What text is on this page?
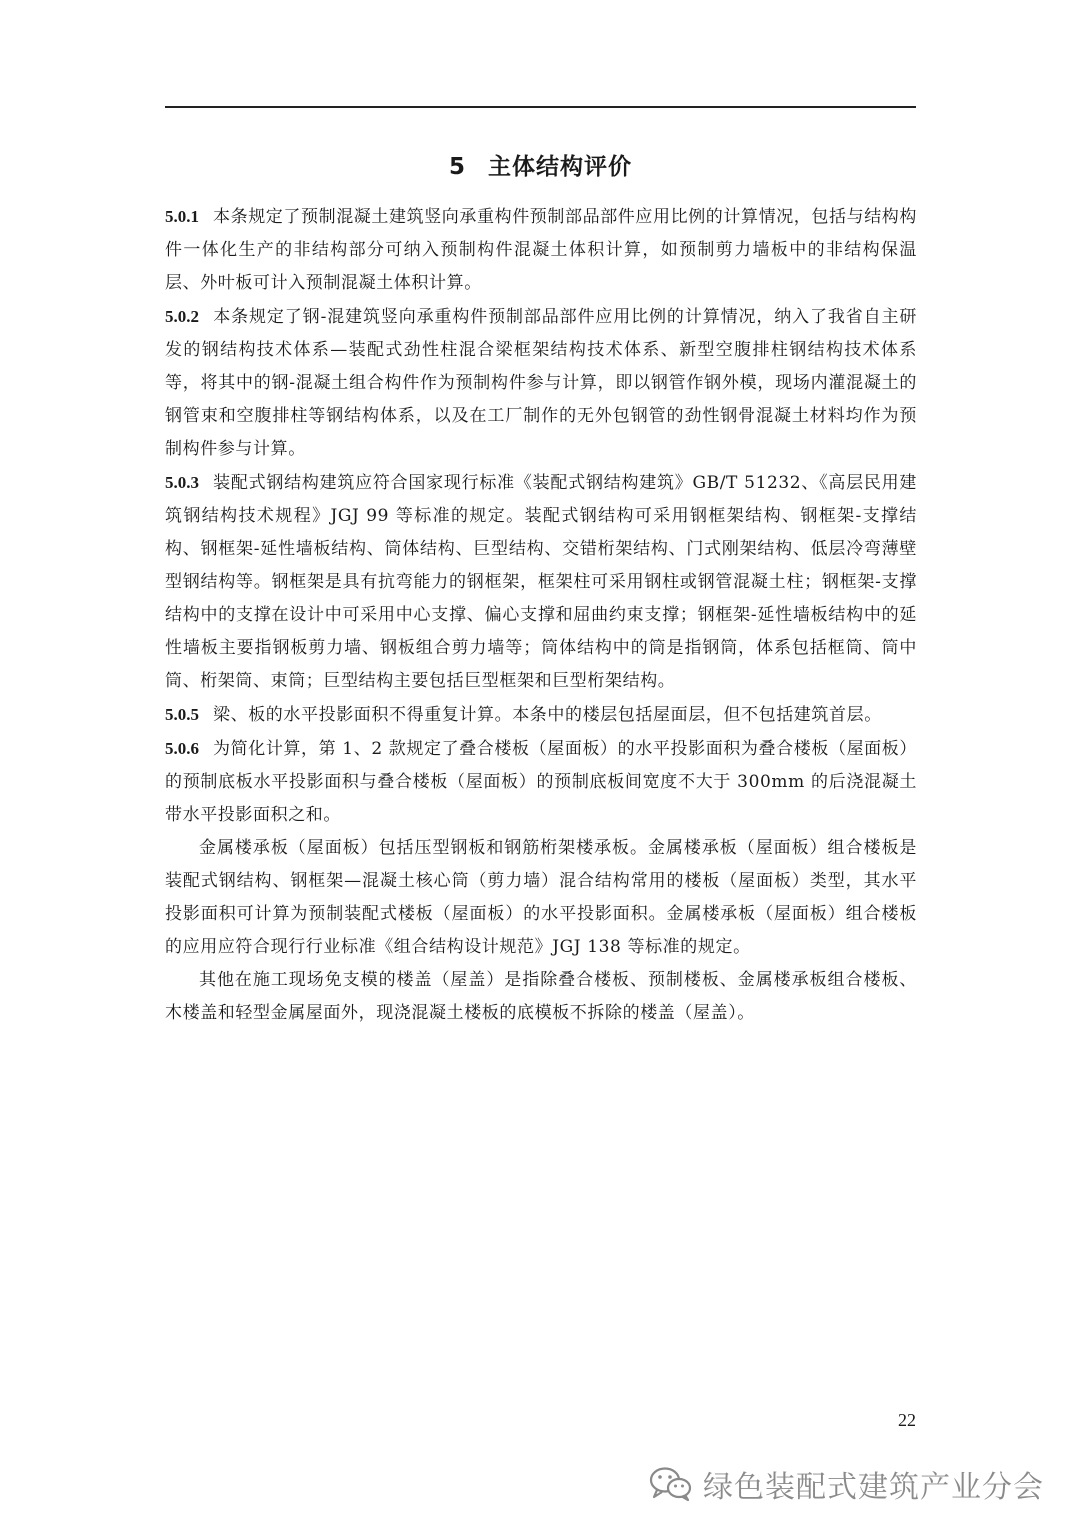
5 主体结构评价

5.0.1 本条规定了预制混凝土建筑竖向承重构件预制部品部件应用比例的计算情况，包括与结构构件一体化生产的非结构部分可纳入预制构件混凝土体积计算，如预制剪力墙板中的非结构保温层、外叶板可计入预制混凝土体积计算。

5.0.2 本条规定了钢-混建筑竖向承重构件预制部品部件应用比例的计算情况，纳入了我省自主研发的钢结构技术体系—装配式劲性柱混合梁框架结构技术体系、新型空腹排柱钢结构技术体系等，将其中的钢-混凝土组合构件作为预制构件参与计算，即以钢管作钢外模，现场内灌混凝土的钢管束和空腹排柱等钢结构体系，以及在工厂制作的无外包钢管的劲性钢骨混凝土材料均作为预制构件参与计算。

5.0.3 装配式钢结构建筑应符合国家现行标准《装配式钢结构建筑》GB/T 51232、《高层民用建筑钢结构技术规程》JGJ 99 等标准的规定。装配式钢结构可采用钢框架结构、钢框架-支撑结构、钢框架-延性墙板结构、筒体结构、巨型结构、交错桁架结构、门式刚架结构、低层冷弯薄壁型钢结构等。钢框架是具有抗弯能力的钢框架，框架柱可采用钢柱或钢管混凝土柱；钢框架-支撑结构中的支撑在设计中可采用中心支撑、偏心支撑和屈曲约束支撑；钢框架-延性墙板结构中的延性墙板主要指钢板剪力墙、钢板组合剪力墙等；筒体结构中的筒是指钢筒，体系包括框筒、筒中筒、桁架筒、束筒；巨型结构主要包括巨型框架和巨型桁架结构。

5.0.5 梁、板的水平投影面积不得重复计算。本条中的楼层包括屋面层，但不包括建筑首层。

5.0.6 为简化计算，第 1、2 款规定了叠合楼板（屋面板）的水平投影面积为叠合楼板（屋面板）的预制底板水平投影面积与叠合楼板（屋面板）的预制底板间宽度不大于 300mm 的后浇混凝土带水平投影面积之和。

金属楼承板（屋面板）包括压型钢板和钢筋桁架楼承板。金属楼承板（屋面板）组合楼板是装配式钢结构、钢框架—混凝土核心筒（剪力墙）混合结构常用的楼板（屋面板）类型，其水平投影面积可计算为预制装配式楼板（屋面板）的水平投影面积。金属楼承板（屋面板）组合楼板的应用应符合现行行业标准《组合结构设计规范》JGJ 138 等标准的规定。

其他在施工现场免支模的楼盖（屋盖）是指除叠合楼板、预制楼板、金属楼承板组合楼板、木楼盖和轻型金属屋面外，现浇混凝土楼板的底模板不拆除的楼盖（屋盖）。

22
绿色装配式建筑产业分会
